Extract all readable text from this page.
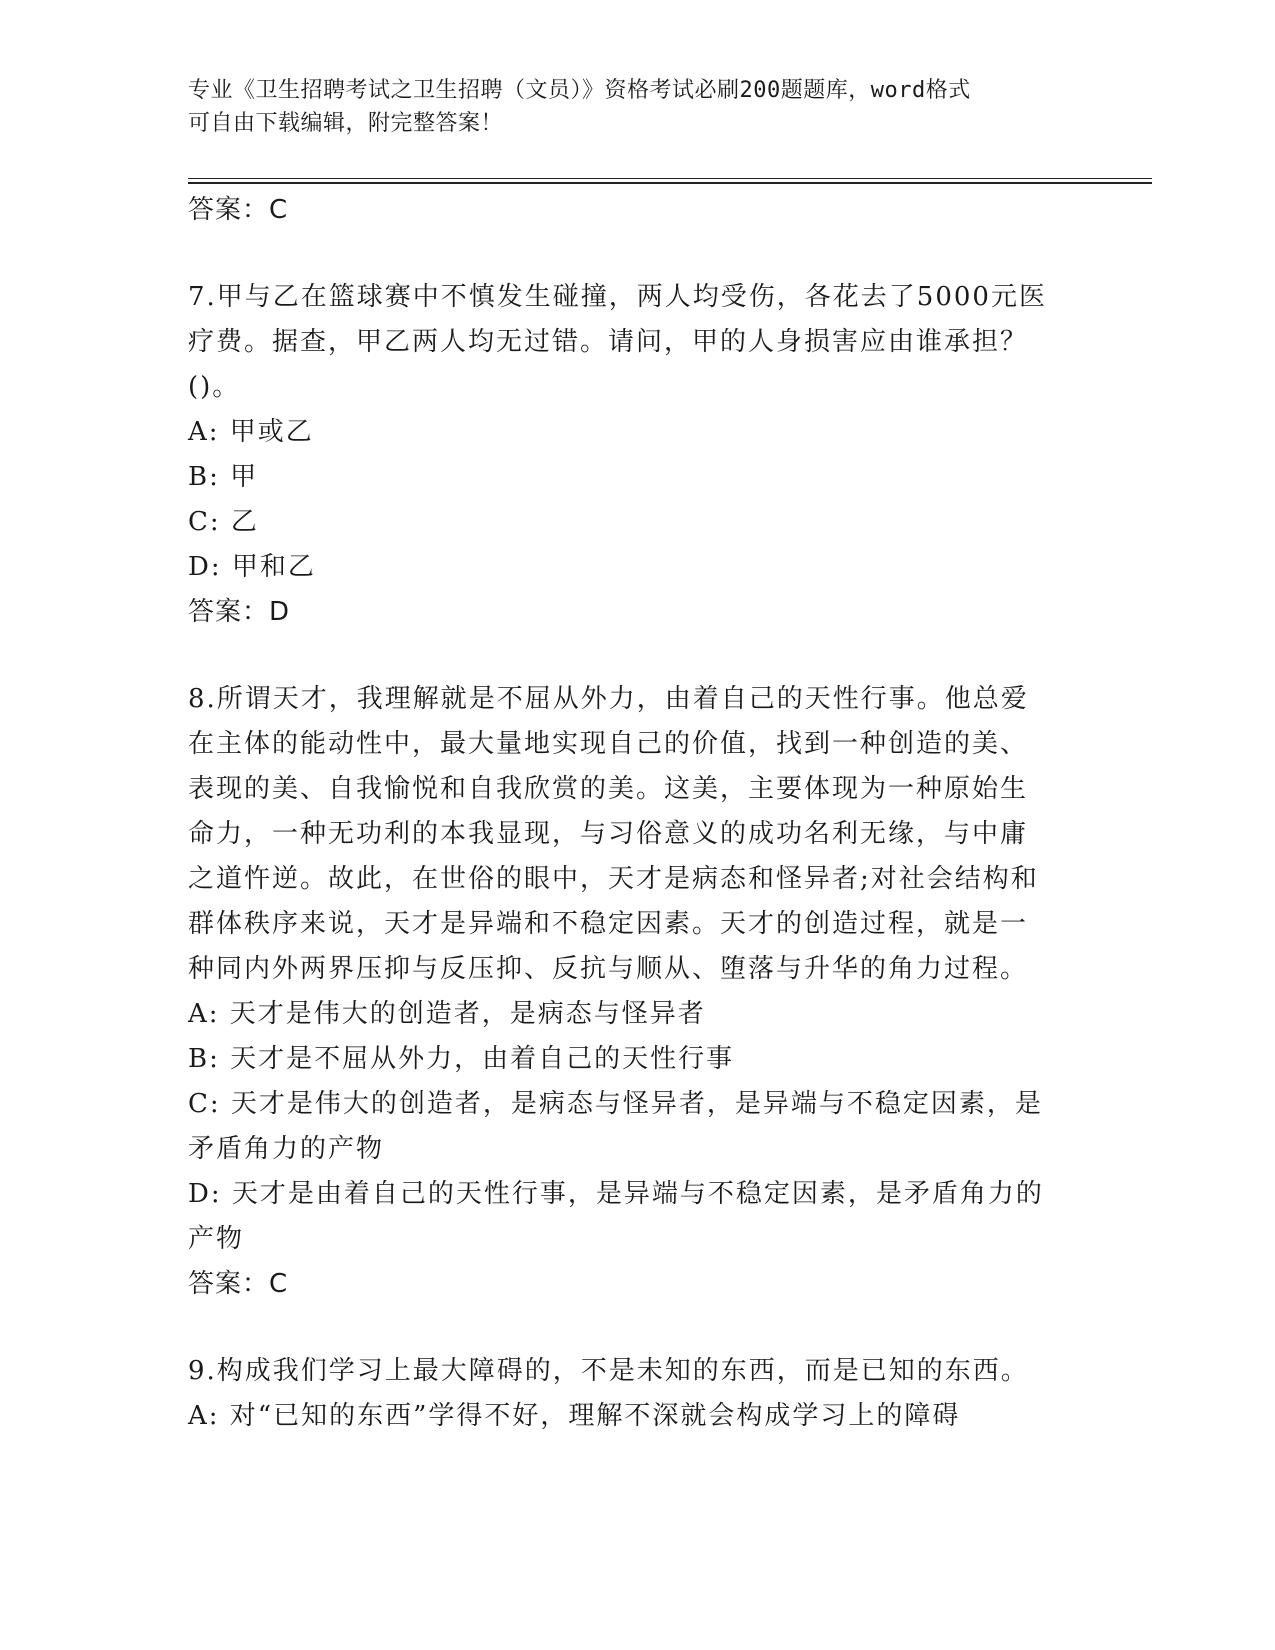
专业《卫生招聘考试之卫生招聘（文员）》资格考试必刷200题题库，word格式
可自由下载编辑，附完整答案！
答案：C
7.甲与乙在篮球赛中不慎发生碰撞，两人均受伤，各花去了5000元医
疗费。据查，甲乙两人均无过错。请问，甲的人身损害应由谁承担？
()。
A: 甲或乙
B: 甲
C: 乙
D: 甲和乙
答案：D
8.所谓天才，我理解就是不屈从外力，由着自己的天性行事。他总爱
在主体的能动性中，最大量地实现自己的价值，找到一种创造的美、
表现的美、自我愉悦和自我欣赏的美。这美，主要体现为一种原始生
命力，一种无功利的本我显现，与习俗意义的成功名利无缘，与中庸
之道忤逆。故此，在世俗的眼中，天才是病态和怪异者;对社会结构和
群体秩序来说，天才是异端和不稳定因素。天才的创造过程，就是一
种同内外两界压抑与反压抑、反抗与顺从、堕落与升华的角力过程。
A: 天才是伟大的创造者，是病态与怪异者
B: 天才是不屈从外力，由着自己的天性行事
C: 天才是伟大的创造者，是病态与怪异者，是异端与不稳定因素，是
矛盾角力的产物
D: 天才是由着自己的天性行事，是异端与不稳定因素，是矛盾角力的
产物
答案：C
9.构成我们学习上最大障碍的，不是未知的东西，而是已知的东西。
A: 对“已知的东西”学得不好，理解不深就会构成学习上的障碍
